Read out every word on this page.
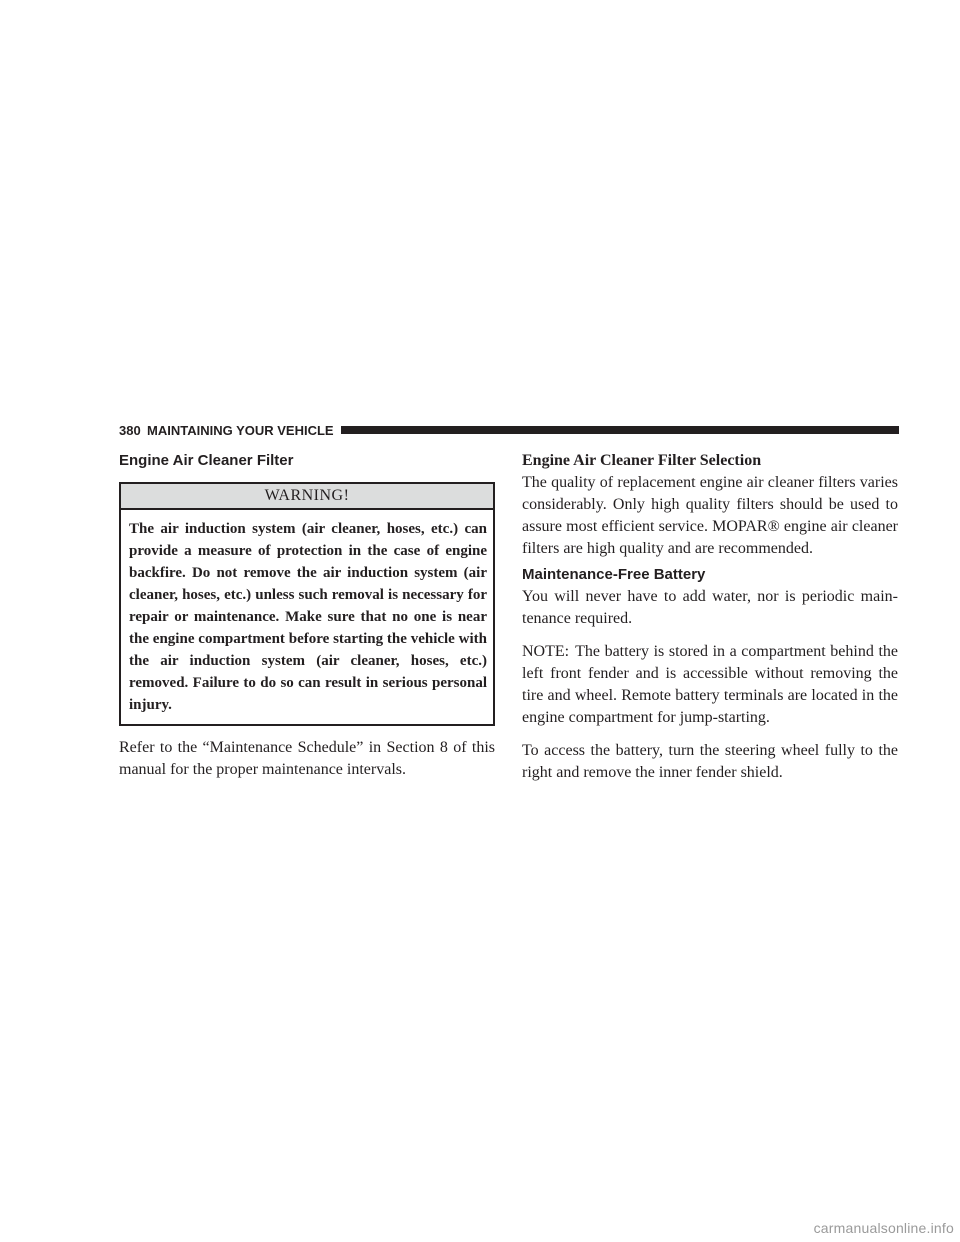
380 MAINTAINING YOUR VEHICLE
Engine Air Cleaner Filter
WARNING!
The air induction system (air cleaner, hoses, etc.) can provide a measure of protection in the case of engine backfire. Do not remove the air induction system (air cleaner, hoses, etc.) unless such removal is necessary for repair or maintenance. Make sure that no one is near the engine compartment before starting the vehicle with the air induction system (air cleaner, hoses, etc.) removed. Failure to do so can result in serious personal injury.

Refer to the “Maintenance Schedule” in Section 8 of this manual for the proper maintenance intervals.

Engine Air Cleaner Filter Selection

The quality of replacement engine air cleaner filters varies considerably. Only high quality filters should be used to assure most efficient service. MOPAR® engine air cleaner filters are high quality and are recommended.

Maintenance-Free Battery

You will never have to add water, nor is periodic main-tenance required.

NOTE: The battery is stored in a compartment behind the left front fender and is accessible without removing the tire and wheel. Remote battery terminals are located in the engine compartment for jump-starting.

To access the battery, turn the steering wheel fully to the right and remove the inner fender shield.

carmanualsonline.info
